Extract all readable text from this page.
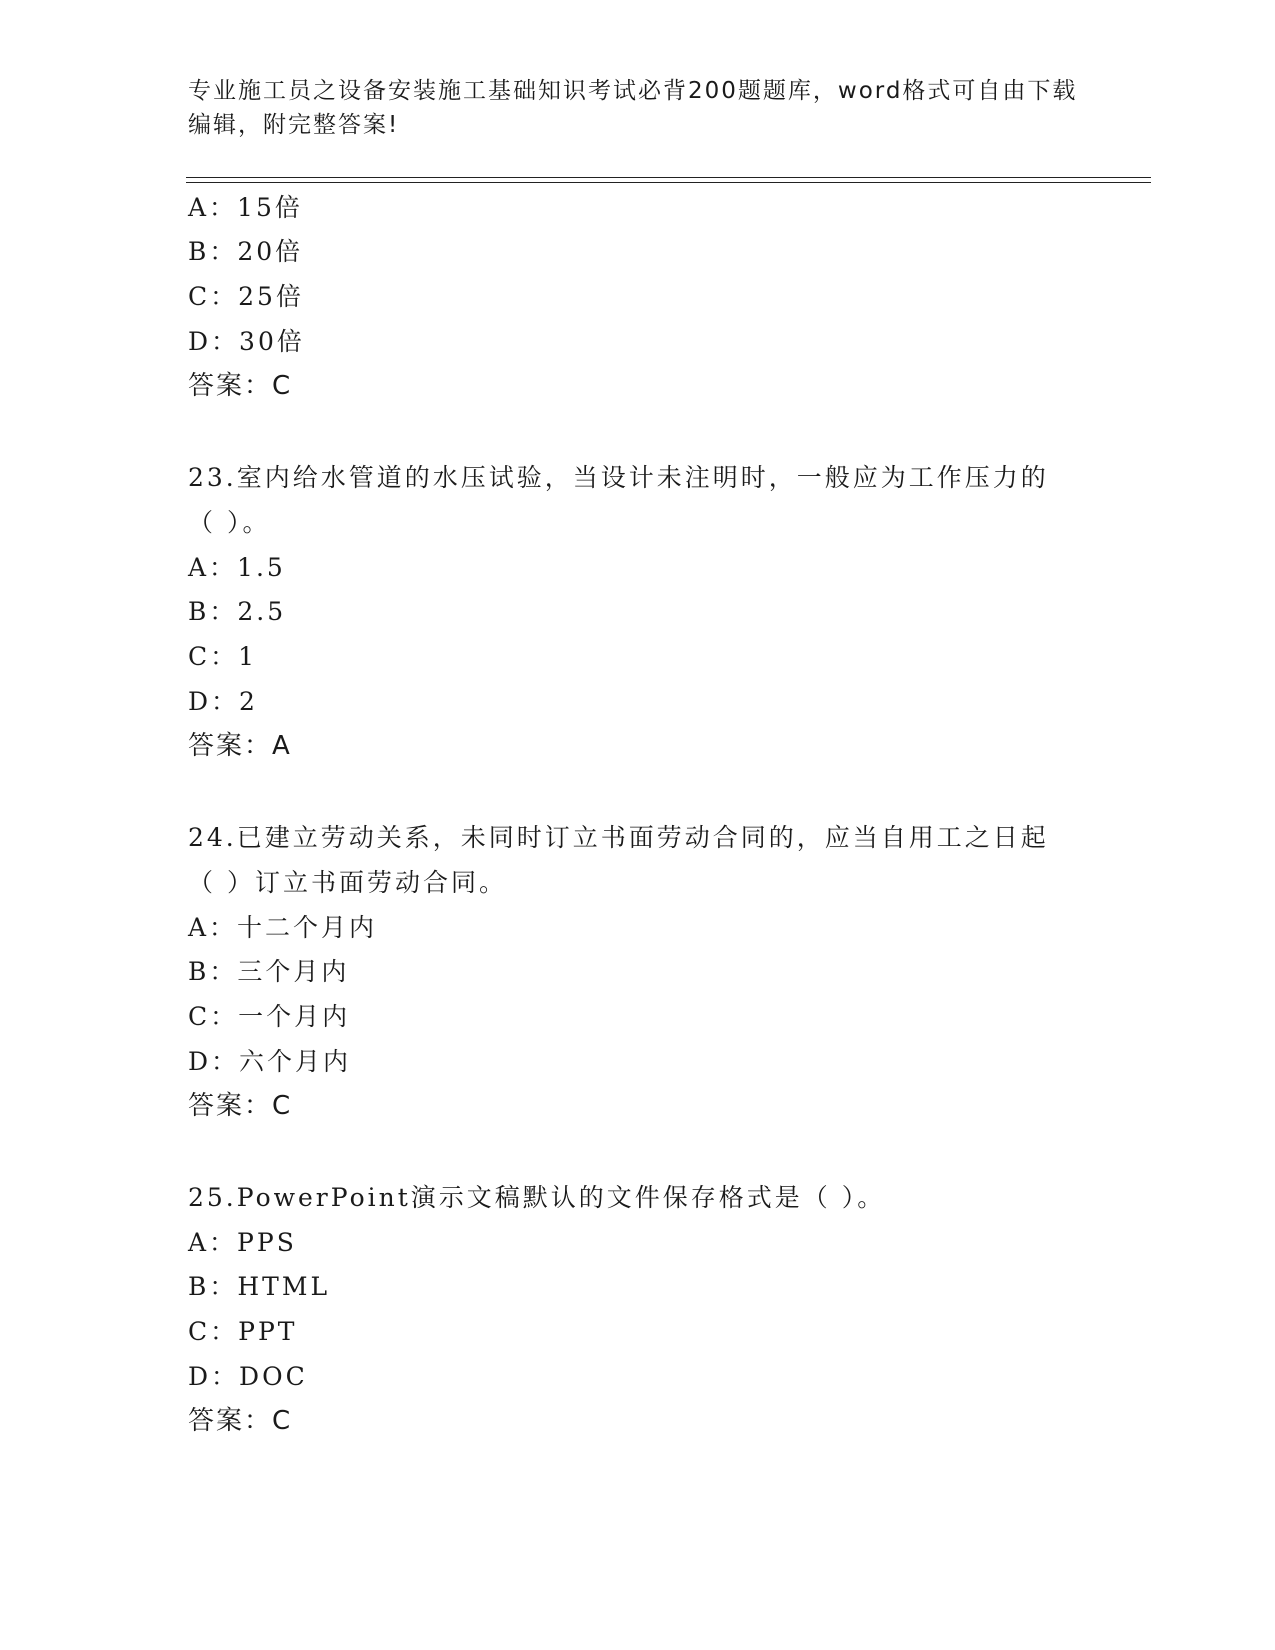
专业施工员之设备安装施工基础知识考试必背200题题库，word格式可自由下载
编辑，附完整答案!
A：15倍
B：20倍
C：25倍
D：30倍
答案：C
23.室内给水管道的水压试验，当设计未注明时，一般应为工作压力的
（ ）。
A：1.5
B：2.5
C：1
D：2
答案：A
24.已建立劳动关系，未同时订立书面劳动合同的，应当自用工之日起
（ ）订立书面劳动合同。
A：十二个月内
B：三个月内
C：一个月内
D：六个月内
答案：C
25.PowerPoint演示文稿默认的文件保存格式是（ ）。
A：PPS
B：HTML
C：PPT
D：DOC
答案：C
